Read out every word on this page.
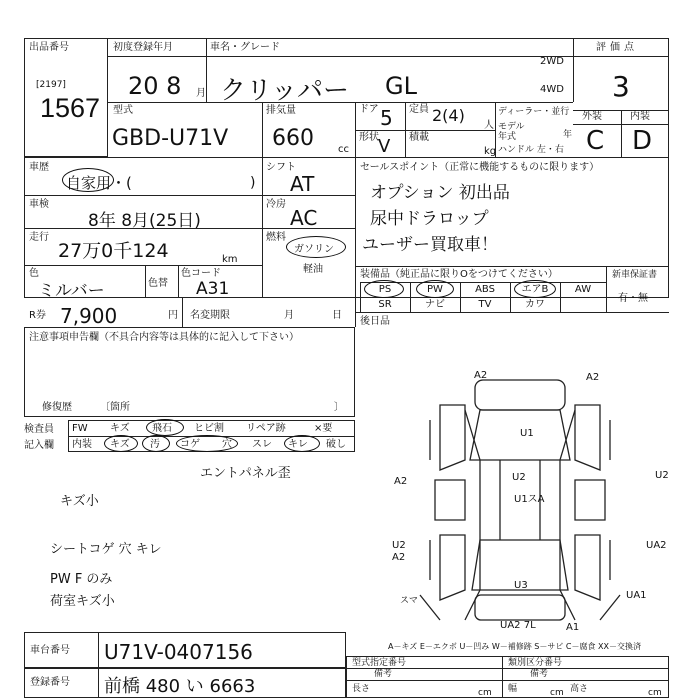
出品番号
[2197]
1567
初度登録年月
20 8 月
車名・グレード
クリッパー GL
2WD
4WD
評価点
3
型式
GBD-U71V
排気量
660 cc
ドア 5 定員 2(4)
人
形状 V 積載
kg
ディーラー・並行
モデル
年式	年
ハンドル 左・右
外装	内装
C D
車歴
自家用・(	)
シフト
AT
車検
8年 8月(25日)
冷房
AC
走行
27万0千124	km
燃料
ガソリン
軽油
色
ミルバー	色替
色コード
A31
セールスポイント（正常に機能するものに限ります）
オプション 初出品
尿中ドラロップ
ユーザー買取車！
装備品（純正品に限りOをつけてください）	新車保証書
有・無
PS	PW	ABS	エアB	AW
SR	ナビ	TV	カワ
後日品
R券 7,900	円 名変期限	月	日
注意事項申告欄（不具合内容等は具体的に記入して下さい）
修復歴	〔箇所	〕
検査員
記入欄
FW キズ 飛石 ヒビ割 リペア跡	×要
内装 キズ 汚 コゲ 穴 スレ キレ 破し
エントパネル歪
キズ小
シートコゲ 穴 キレ
PW F のみ
荷室キズ小
A2	A2
U1
A2	U2
U1スA
U2
U2
A2
UA2
U3
UA1
UA2 7L	A1
スマ
A－キズ E－エクボ U－凹み W－補修跡 S－サビ C－腐食 XX－交換済
車台番号 U71V-0407156
登録番号 前橋 480 い 6663
型式指定番号	類別区分番号
備考	備考
長さ	cm 幅	cm 高さ	cm
